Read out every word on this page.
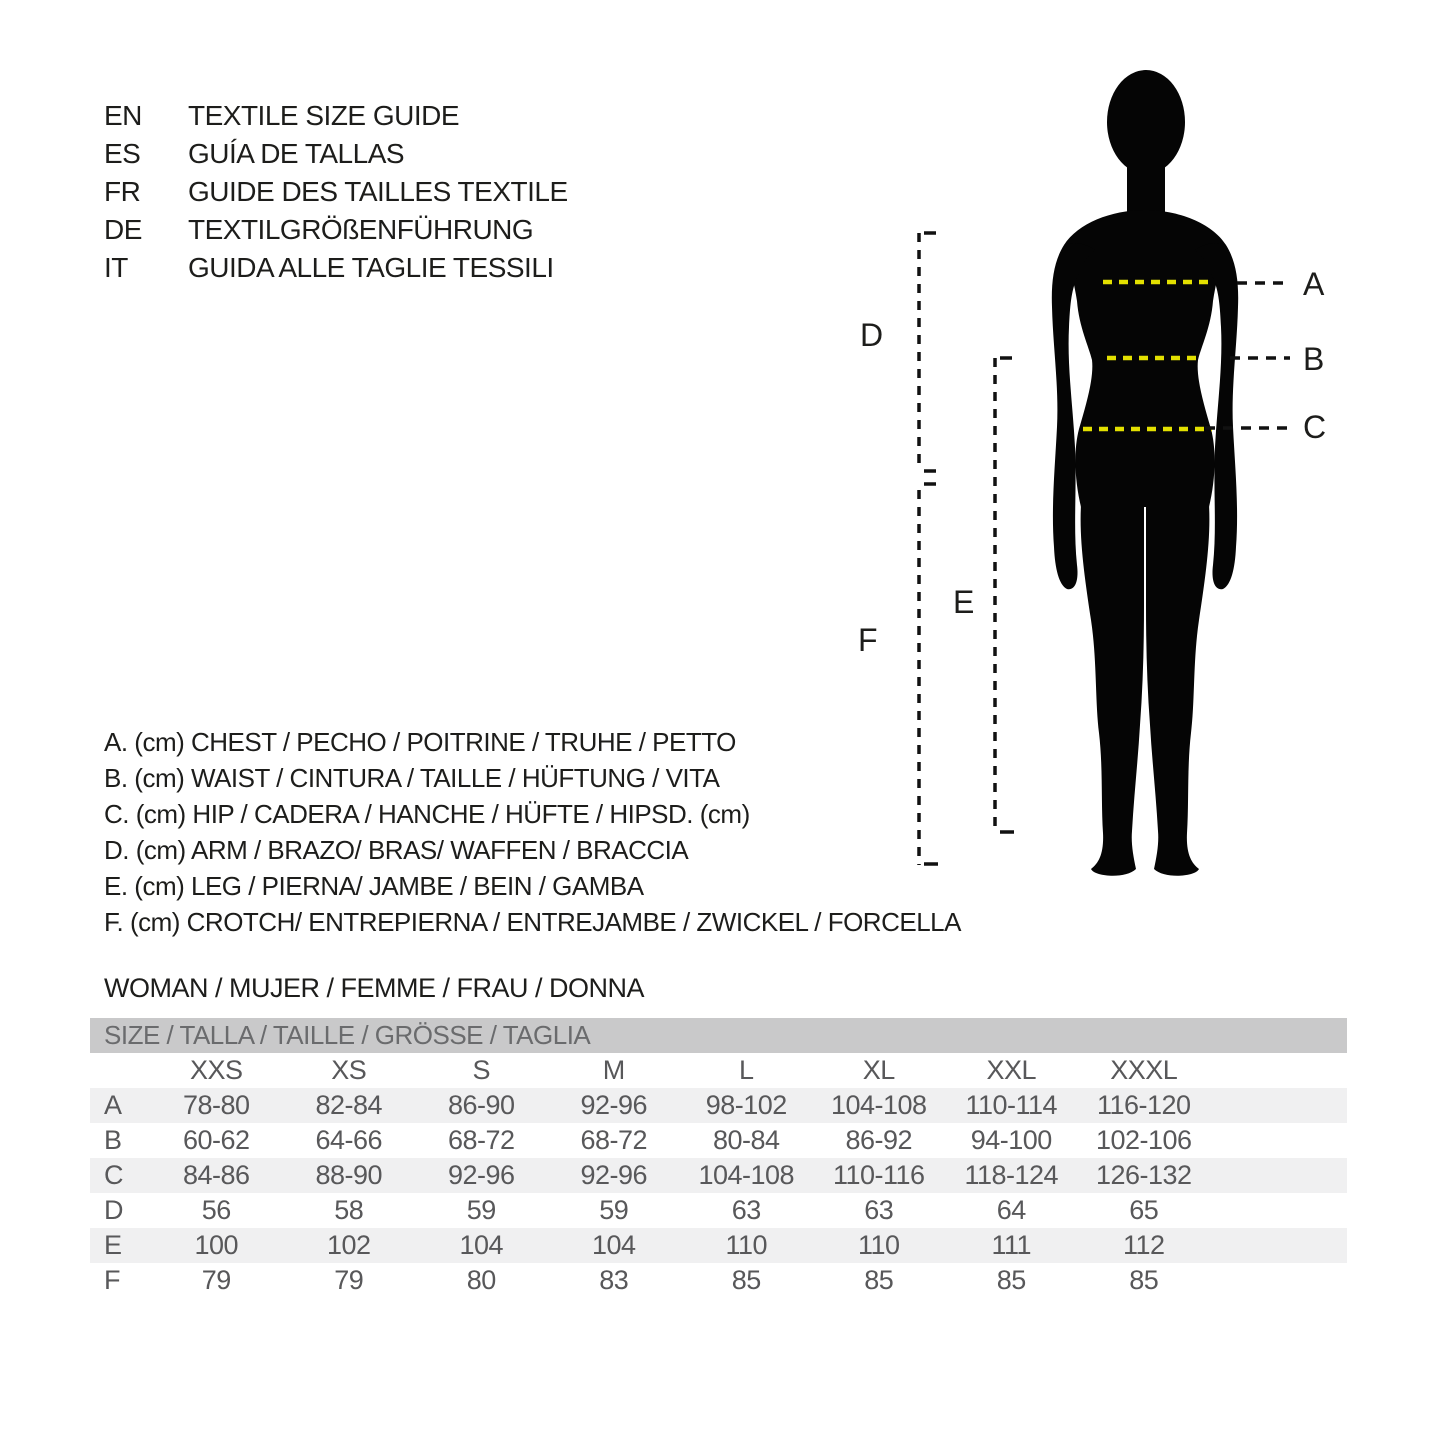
EN	TEXTILE SIZE GUIDE
ES	GUÍA DE TALLAS
FR	GUIDE DES TAILLES TEXTILE
DE	TEXTILGRÖßENFÜHRUNG
IT	GUIDA ALLE TAGLIE TESSILI
A. (cm) CHEST / PECHO / POITRINE / TRUHE / PETTO
B. (cm) WAIST / CINTURA / TAILLE / HÜFTUNG / VITA
C. (cm) HIP / CADERA / HANCHE / HÜFTE / HIPSD. (cm)
D. (cm) ARM / BRAZO/ BRAS/ WAFFEN / BRACCIA
E. (cm) LEG / PIERNA/ JAMBE / BEIN / GAMBA
F. (cm) CROTCH/ ENTREPIERNA / ENTREJAMBE / ZWICKEL / FORCELLA
WOMAN / MUJER / FEMME / FRAU / DONNA
A
B
C
D
E
F
SIZE / TALLA / TAILLE / GRÖSSE / TAGLIA
XXS	XS	S	M	L	XL	XXL	XXXL
A	78-80	82-84	86-90	92-96	98-102	104-108	110-114	116-120
B	60-62	64-66	68-72	68-72	80-84	86-92	94-100	102-106
C	84-86	88-90	92-96	92-96	104-108	110-116	118-124	126-132
D	56	58	59	59	63	63	64	65
E	100	102	104	104	110	110	111	112
F	79	79	80	83	85	85	85	85
